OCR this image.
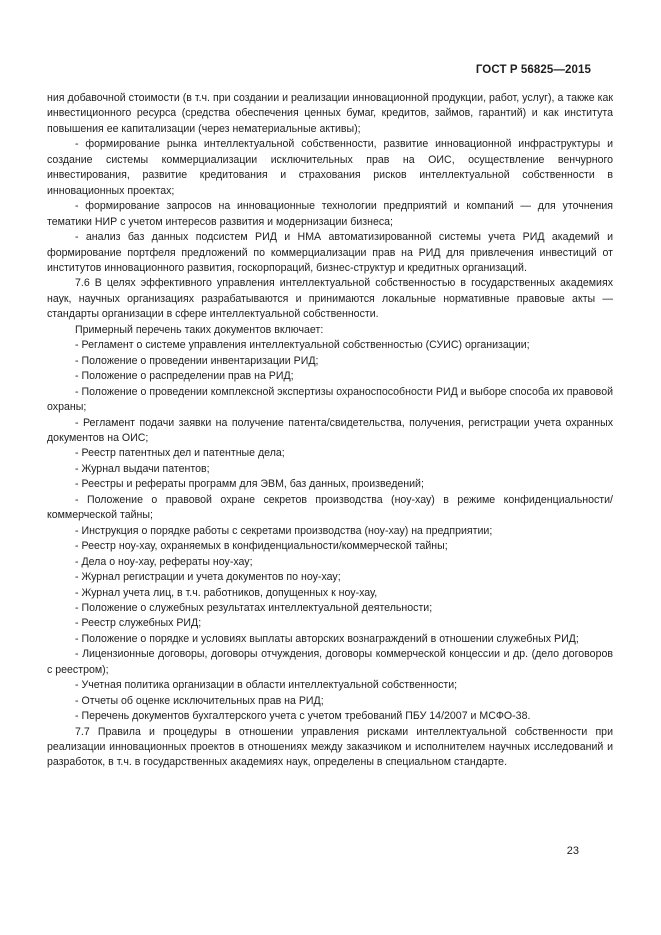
ГОСТ Р 56825—2015

ния добавочной стоимости (в т.ч. при создании и реализации инновационной продукции, работ, услуг), а также как инвестиционного ресурса (средства обеспечения ценных бумаг, кредитов, займов, гарантий) и как института повышения ее капитализации (через нематериальные активы);

- формирование рынка интеллектуальной собственности, развитие инновационной инфраструктуры и создание системы коммерциализации исключительных прав на ОИС, осуществление венчурного инвестирования, развитие кредитования и страхования рисков интеллектуальной собственности в инновационных проектах;

- формирование запросов на инновационные технологии предприятий и компаний — для уточнения тематики НИР с учетом интересов развития и модернизации бизнеса;

- анализ баз данных подсистем РИД и НМА автоматизированной системы учета РИД академий и формирование портфеля предложений по коммерциализации прав на РИД для привлечения инвестиций от институтов инновационного развития, госкорпораций, бизнес-структур и кредитных организаций.

7.6 В целях эффективного управления интеллектуальной собственностью в государственных академиях наук, научных организациях разрабатываются и принимаются локальные нормативные правовые акты — стандарты организации в сфере интеллектуальной собственности.

Примерный перечень таких документов включает:

- Регламент о системе управления интеллектуальной собственностью (СУИС) организации;

- Положение о проведении инвентаризации РИД;

- Положение о распределении прав на РИД;

- Положение о проведении комплексной экспертизы охраноспособности РИД и выборе способа их правовой охраны;

- Регламент подачи заявки на получение патента/свидетельства, получения, регистрации учета охранных документов на ОИС;

- Реестр патентных дел и патентные дела;

- Журнал выдачи патентов;

- Реестры и рефераты программ для ЭВМ, баз данных, произведений;

- Положение о правовой охране секретов производства (ноу-хау) в режиме конфиденциальности/коммерческой тайны;

- Инструкция о порядке работы с секретами производства (ноу-хау) на предприятии;

- Реестр ноу-хау, охраняемых в конфиденциальности/коммерческой тайны;

- Дела о ноу-хау, рефераты ноу-хау;

- Журнал регистрации и учета документов по ноу-хау;

- Журнал учета лиц, в т.ч. работников, допущенных к ноу-хау,

- Положение о служебных результатах интеллектуальной деятельности;

- Реестр служебных РИД;

- Положение о порядке и условиях выплаты авторских вознаграждений в отношении служебных РИД;

- Лицензионные договоры, договоры отчуждения, договоры коммерческой концессии и др. (дело договоров с реестром);

- Учетная политика организации в области интеллектуальной собственности;

- Отчеты об оценке исключительных прав на РИД;

- Перечень документов бухгалтерского учета с учетом требований ПБУ 14/2007 и МСФО-38.

7.7 Правила и процедуры в отношении управления рисками интеллектуальной собственности при реализации инновационных проектов в отношениях между заказчиком и исполнителем научных исследований и разработок, в т.ч. в государственных академиях наук, определены в специальном стандарте.

23
